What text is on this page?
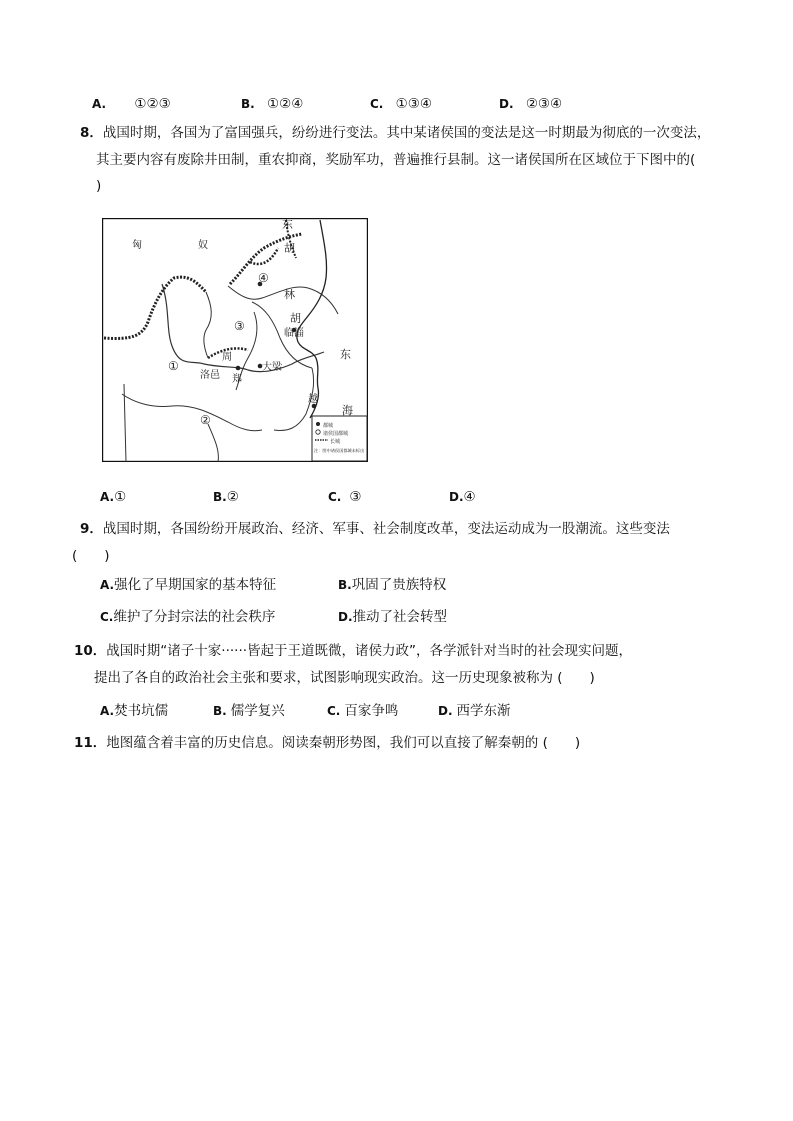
A. ①②③	B. ①②④	C. ①③④	D. ②③④
8．战国时期，各国为了富国强兵，纷纷进行变法。其中某诸侯国的变法是这一时期最为彻底的一次变法，
其主要内容有废除井田制，重农抑商，奖励军功，普遍推行县制。这一诸侯国所在区域位于下图中的(
)
都城
诸侯国都城
长城
注：图中诸侯国都城未标出
东
胡
匈	奴
林
胡
临淄
周
洛邑 郑
大梁
东
海
越
①
②
③
④
A.①	B.②	C. ③	D.④
9．战国时期，各国纷纷开展政治、经济、军事、社会制度改革，变法运动成为一股潮流。这些变法
(　　)
A.强化了早期国家的基本特征	B.巩固了贵族特权
C.维护了分封宗法的社会秩序	D.推动了社会转型
10．战国时期“诸子十家······皆起于王道既微，诸侯力政”，各学派针对当时的社会现实问题，
提出了各自的政治社会主张和要求，试图影响现实政治。这一历史现象被称为 (　　)
A.焚书坑儒	B. 儒学复兴	C. 百家争鸣	D. 西学东渐
11．地图蕴含着丰富的历史信息。阅读秦朝形势图，我们可以直接了解秦朝的 (　　)
